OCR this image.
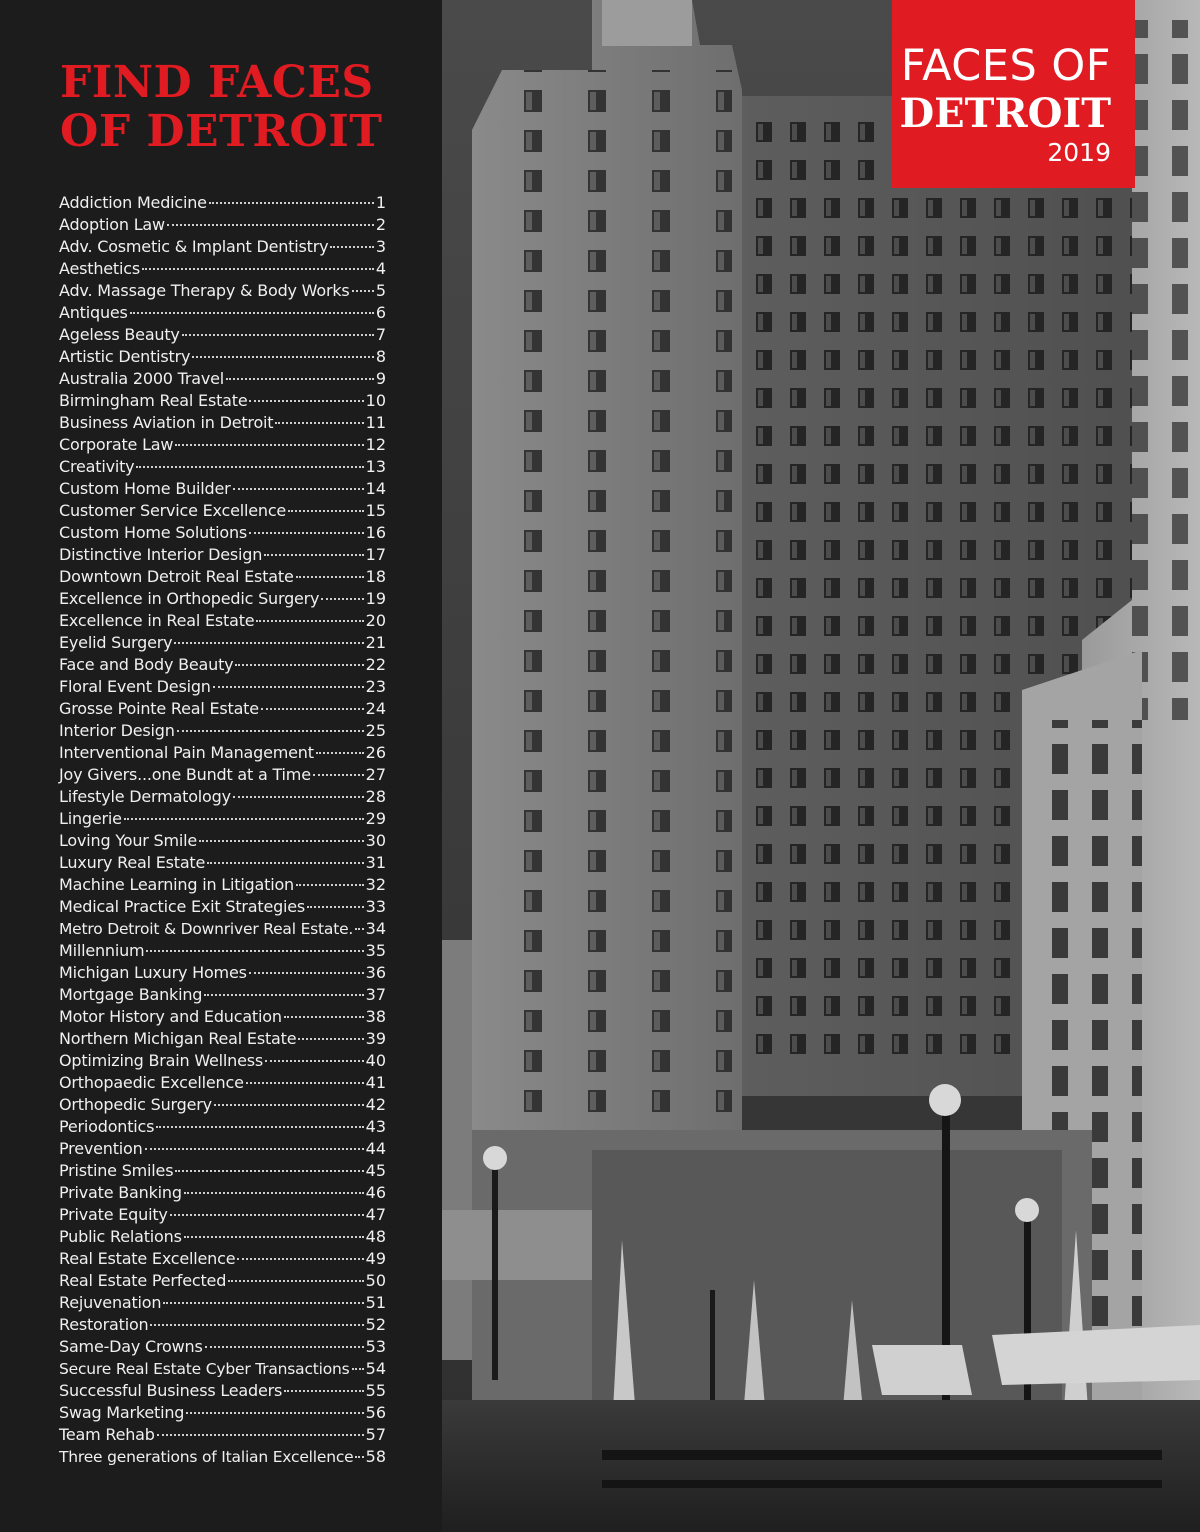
FIND FACES
OF DETROIT
Addiction Medicine	1
Adoption Law	2
Adv. Cosmetic & Implant Dentistry	3
Aesthetics	4
Adv. Massage Therapy & Body Works 5
Antiques	6
Ageless Beauty	7
Artistic Dentistry	8
Australia 2000 Travel	9
Birmingham Real Estate	10
Business Aviation in Detroit	11
Corporate Law	12
Creativity	13
Custom Home Builder	14
Customer Service Excellence	15
Custom Home Solutions	16
Distinctive Interior Design	17
Downtown Detroit Real Estate	18
Excellence in Orthopedic Surgery	19
Excellence in Real Estate	20
Eyelid Surgery	21
Face and Body Beauty	22
Floral Event Design	23
Grosse Pointe Real Estate	24
Interior Design	25
Interventional Pain Management	26
Joy Givers...one Bundt at a Time	27
Lifestyle Dermatology	28
Lingerie	29
Loving Your Smile	30
Luxury Real Estate	31
Machine Learning in Litigation	32
Medical Practice Exit Strategies	33
Metro Detroit & Downriver Real Estate. 34
Millennium	35
Michigan Luxury Homes	36
Mortgage Banking	37
Motor History and Education	38
Northern Michigan Real Estate	39
Optimizing Brain Wellness	40
Orthopaedic Excellence	41
Orthopedic Surgery	42
Periodontics	43
Prevention	44
Pristine Smiles	45
Private Banking	46
Private Equity	47
Public Relations	48
Real Estate Excellence	49
Real Estate Perfected	50
Rejuvenation	51
Restoration	52
Same-Day Crowns	53
Secure Real Estate Cyber Transactions 54
Successful Business Leaders	55
Swag Marketing	56
Team Rehab	57
Three generations of Italian Excellence 58
FACES OF
DETROIT
2019
